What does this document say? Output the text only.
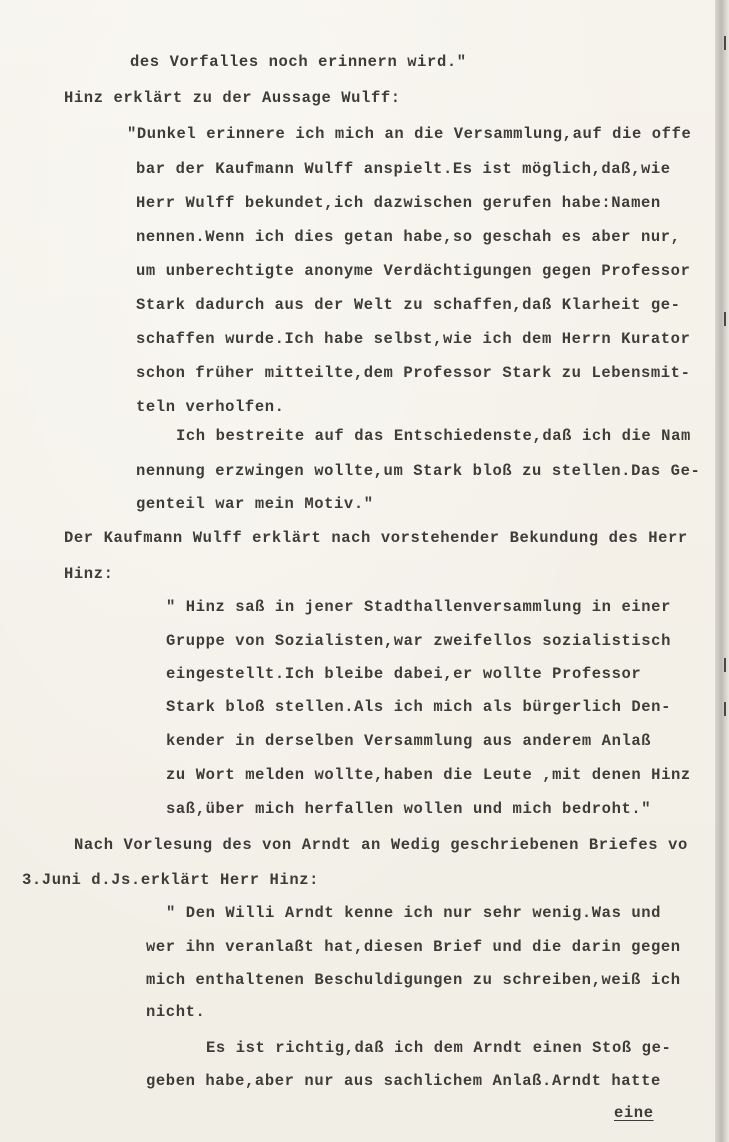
des Vorfalles noch erinnern wird."
Hinz erklärt zu der Aussage Wulff:
"Dunkel erinnere ich mich an die Versammlung,auf die offe
bar der Kaufmann Wulff anspielt.Es ist möglich,daß,wie
Herr Wulff bekundet,ich dazwischen gerufen habe:Namen
nennen.Wenn ich dies getan habe,so geschah es aber nur,
um unberechtigte anonyme Verdächtigungen gegen Professor
Stark dadurch aus der Welt zu schaffen,daß Klarheit ge-
schaffen wurde.Ich habe selbst,wie ich dem Herrn Kurator
schon früher mitteilte,dem Professor Stark zu Lebensmit-
teln verholfen.
Ich bestreite auf das Entschiedenste,daß ich die Nam
nennung erzwingen wollte,um Stark bloß zu stellen.Das Ge-
genteil war mein Motiv."
Der Kaufmann Wulff erklärt nach vorstehender Bekundung des Herr
Hinz:
" Hinz saß in jener Stadthallenversammlung in einer
Gruppe von Sozialisten,war zweifellos sozialistisch
eingestellt.Ich bleibe dabei,er wollte Professor
Stark bloß stellen.Als ich mich als bürgerlich Den-
kender in derselben Versammlung aus anderem Anlaß
zu Wort melden wollte,haben die Leute ,mit denen Hinz
saß,über mich herfallen wollen und mich bedroht."
Nach Vorlesung des von Arndt an Wedig geschriebenen Briefes vo
3.Juni d.Js.erklärt Herr Hinz:
" Den Willi Arndt kenne ich nur sehr wenig.Was und
wer ihn veranlaßt hat,diesen Brief und die darin gegen
mich enthaltenen Beschuldigungen zu schreiben,weiß ich
nicht.
Es ist richtig,daß ich dem Arndt einen Stoß ge-
geben habe,aber nur aus sachlichem Anlaß.Arndt hatte
eine
